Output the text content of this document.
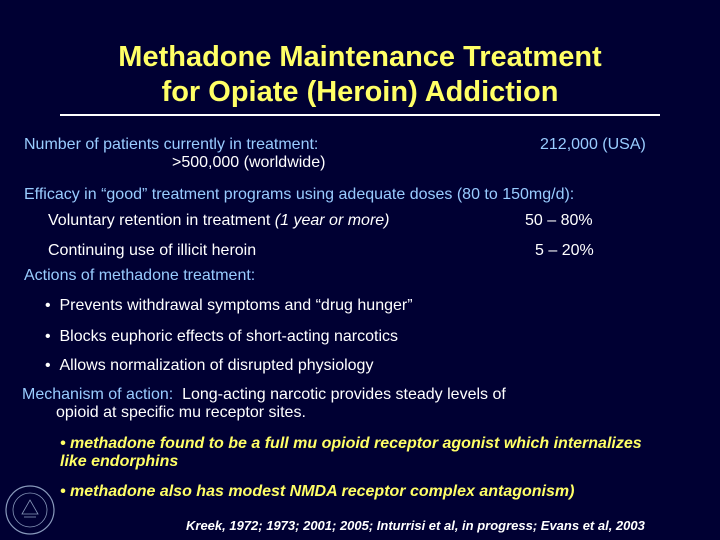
Methadone Maintenance Treatment
for Opiate (Heroin) Addiction
Number of patients currently in treatment:	212,000 (USA)
>500,000 (worldwide)
Efficacy in “good” treatment programs using adequate doses (80 to 150mg/d):
Voluntary retention in treatment (1 year or more)	50 – 80%
Continuing use of illicit heroin	5 – 20%
Actions of methadone treatment:
•  Prevents withdrawal symptoms and “drug hunger”
•  Blocks euphoric effects of short-acting narcotics
•  Allows normalization of disrupted physiology
Mechanism of action: Long-acting narcotic provides steady levels of
opioid at specific mu receptor sites.
• methadone found to be a full mu opioid receptor agonist which internalizes
like endorphins
• methadone also has modest NMDA receptor complex antagonism)
Kreek, 1972; 1973; 2001; 2005; Inturrisi et al, in progress; Evans et al, 2003
